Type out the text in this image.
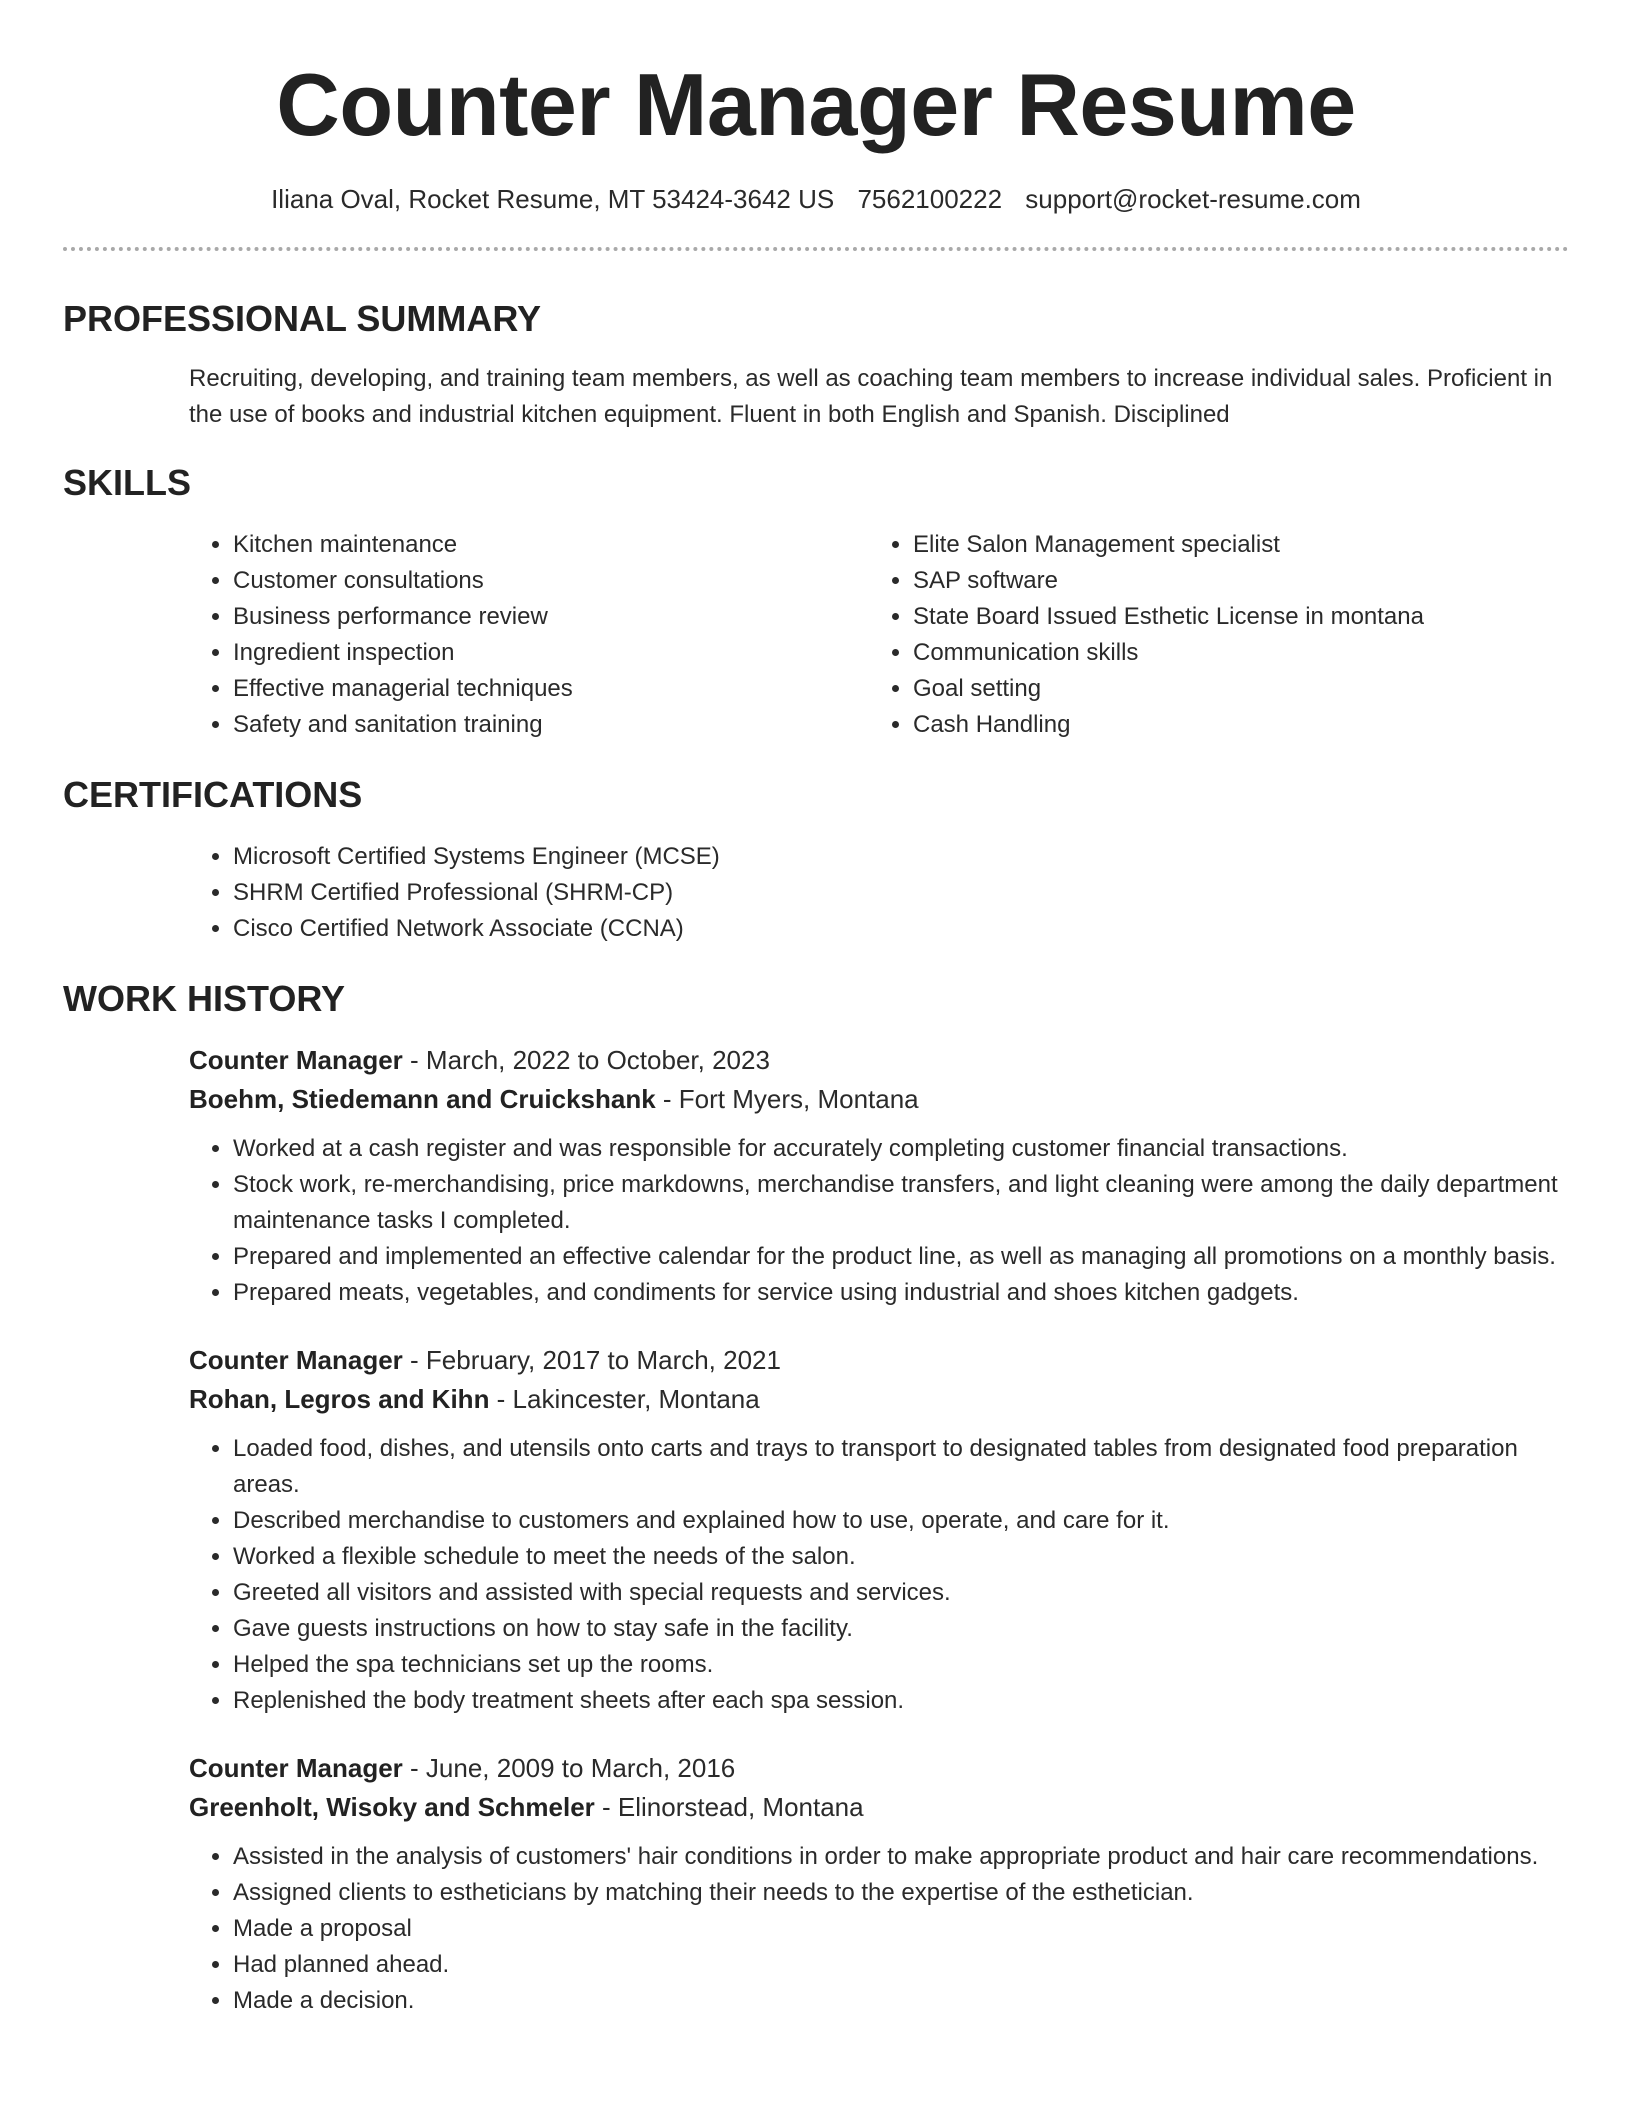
Counter Manager Resume
Iliana Oval, Rocket Resume, MT 53424-3642 US 7562100222 support@rocket-resume.com
PROFESSIONAL SUMMARY

Recruiting, developing, and training team members, as well as coaching team members to increase individual sales. Proficient in the use of books and industrial kitchen equipment. Fluent in both English and Spanish. Disciplined

SKILLS
• Kitchen maintenance
• Customer consultations
• Business performance review
• Ingredient inspection
• Effective managerial techniques
• Safety and sanitation training
• Elite Salon Management specialist
• SAP software
• State Board Issued Esthetic License in montana
• Communication skills
• Goal setting
• Cash Handling
CERTIFICATIONS
• Microsoft Certified Systems Engineer (MCSE)
• SHRM Certified Professional (SHRM-CP)
• Cisco Certified Network Associate (CCNA)
WORK HISTORY
Counter Manager - March, 2022 to October, 2023
Boehm, Stiedemann and Cruickshank - Fort Myers, Montana
• Worked at a cash register and was responsible for accurately completing customer financial transactions.
• Stock work, re-merchandising, price markdowns, merchandise transfers, and light cleaning were among the daily department maintenance tasks I completed.
• Prepared and implemented an effective calendar for the product line, as well as managing all promotions on a monthly basis.
• Prepared meats, vegetables, and condiments for service using industrial and shoes kitchen gadgets.
Counter Manager - February, 2017 to March, 2021
Rohan, Legros and Kihn - Lakincester, Montana
• Loaded food, dishes, and utensils onto carts and trays to transport to designated tables from designated food preparation areas.
• Described merchandise to customers and explained how to use, operate, and care for it.
• Worked a flexible schedule to meet the needs of the salon.
• Greeted all visitors and assisted with special requests and services.
• Gave guests instructions on how to stay safe in the facility.
• Helped the spa technicians set up the rooms.
• Replenished the body treatment sheets after each spa session.
Counter Manager - June, 2009 to March, 2016
Greenholt, Wisoky and Schmeler - Elinorstead, Montana
• Assisted in the analysis of customers' hair conditions in order to make appropriate product and hair care recommendations.
• Assigned clients to estheticians by matching their needs to the expertise of the esthetician.
• Made a proposal
• Had planned ahead.
• Made a decision.
